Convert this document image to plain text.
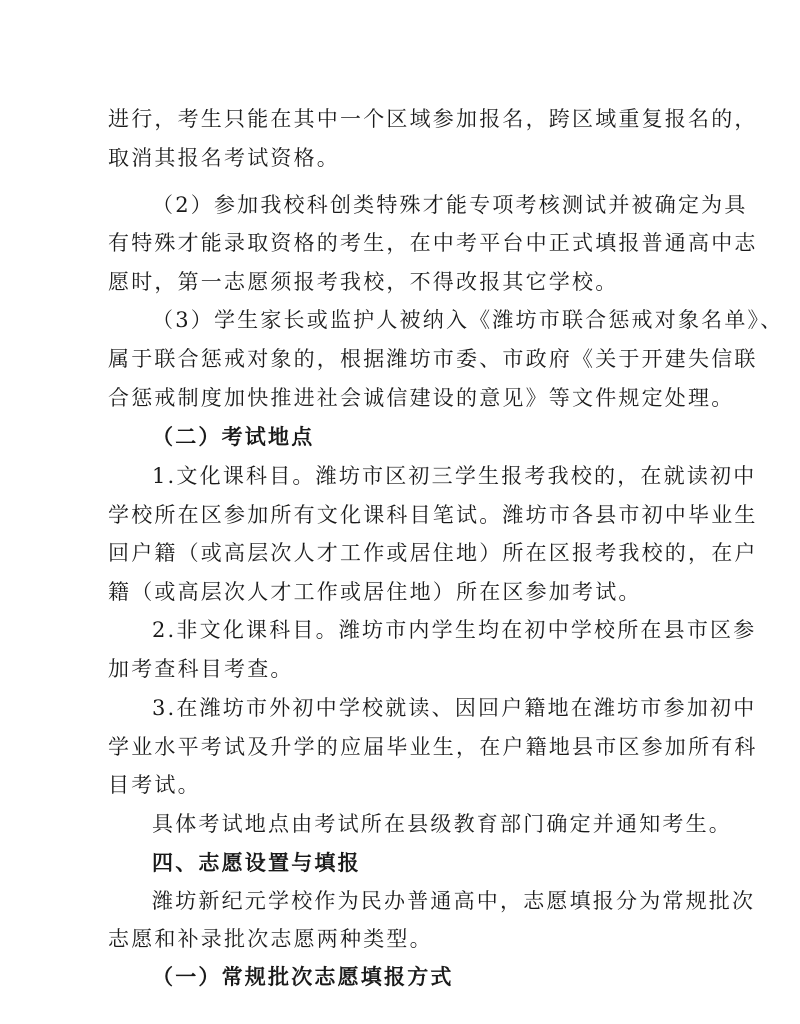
进行，考生只能在其中一个区域参加报名，跨区域重复报名的，
取消其报名考试资格。
（2）参加我校科创类特殊才能专项考核测试并被确定为具
有特殊才能录取资格的考生，在中考平台中正式填报普通高中志
愿时，第一志愿须报考我校，不得改报其它学校。
（3）学生家长或监护人被纳入《潍坊市联合惩戒对象名单》、
属于联合惩戒对象的，根据潍坊市委、市政府《关于开建失信联
合惩戒制度加快推进社会诚信建设的意见》等文件规定处理。
（二）考试地点
1.文化课科目。潍坊市区初三学生报考我校的，在就读初中
学校所在区参加所有文化课科目笔试。潍坊市各县市初中毕业生
回户籍（或高层次人才工作或居住地）所在区报考我校的，在户
籍（或高层次人才工作或居住地）所在区参加考试。
2.非文化课科目。潍坊市内学生均在初中学校所在县市区参
加考查科目考查。
3.在潍坊市外初中学校就读、因回户籍地在潍坊市参加初中
学业水平考试及升学的应届毕业生，在户籍地县市区参加所有科
目考试。
具体考试地点由考试所在县级教育部门确定并通知考生。
四、志愿设置与填报
潍坊新纪元学校作为民办普通高中，志愿填报分为常规批次
志愿和补录批次志愿两种类型。
（一）常规批次志愿填报方式
